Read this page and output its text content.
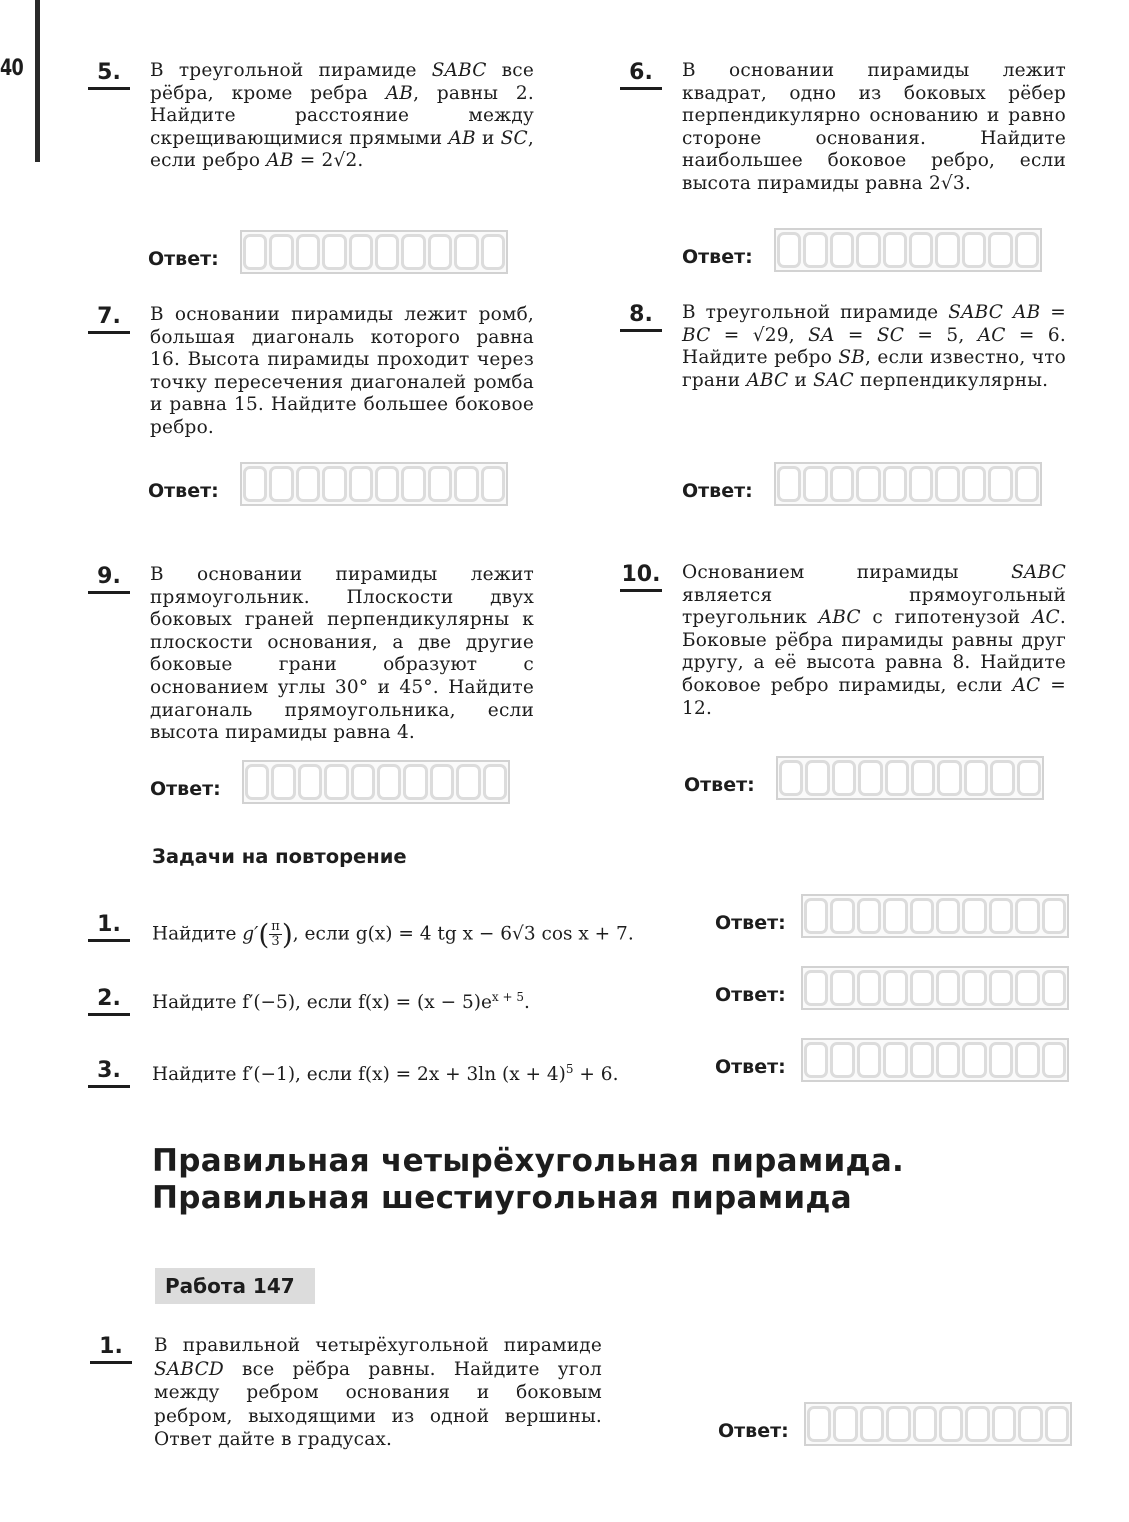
40	5.	В треугольной пирамиде SABC все рёбра, кроме ребра AB, равны 2. Найдите расстояние между скрещивающимися прямыми AB и SC, если ребро AB = 2√2.
Ответ:
6.	В основании пирамиды лежит квадрат, одно из боковых рёбер перпендикулярно основанию и равно стороне основания. Найдите наибольшее боковое ребро, если высота пирамиды равна 2√3.
Ответ:
7.	В основании пирамиды лежит ромб, большая диагональ которого равна 16. Высота пирамиды проходит через точку пересечения диагоналей ромба и равна 15. Найдите большее боковое ребро.
Ответ:
8.	В треугольной пирамиде SABC AB = BC = √29, SA = SC = 5, AC = 6. Найдите ребро SB, если известно, что грани ABC и SAC перпендикулярны.
Ответ:
9.	В основании пирамиды лежит прямоугольник. Плоскости двух боковых граней перпендикулярны к плоскости основания, а две другие боковые грани образуют с основанием углы 30° и 45°. Найдите диагональ прямоугольника, если высота пирамиды равна 4.
Ответ:
10. Основанием пирамиды SABC является прямоугольный треугольник ABC с гипотенузой AC. Боковые рёбра пирамиды равны друг другу, а её высота равна 8. Найдите боковое ребро пирамиды, если AC = 12.
Ответ:
Задачи на повторение
1.	Найдите $g'( \frac{\pi}{3}$ ), если g(x) = 4 tg x − 6√3 cos x + 7.	Ответ:
2.	Найдите f′(−5), если $f(x) = (x - 5)e^{x + 5}$.	Ответ:
3.	Найдите f′(−1), если f(x) = 2x + 3ln $(x + 4)^5 + 6$.	Ответ:
Правильная четырёхугольная пирамида.
Правильная шестиугольная пирамида
Работа 147
1.	В правильной четырёхугольной пирамиде SABCD все рёбра равны. Найдите угол между ребром основания и боковым ребром, выходящими из одной вершины. Ответ дайте в градусах.	Ответ:
